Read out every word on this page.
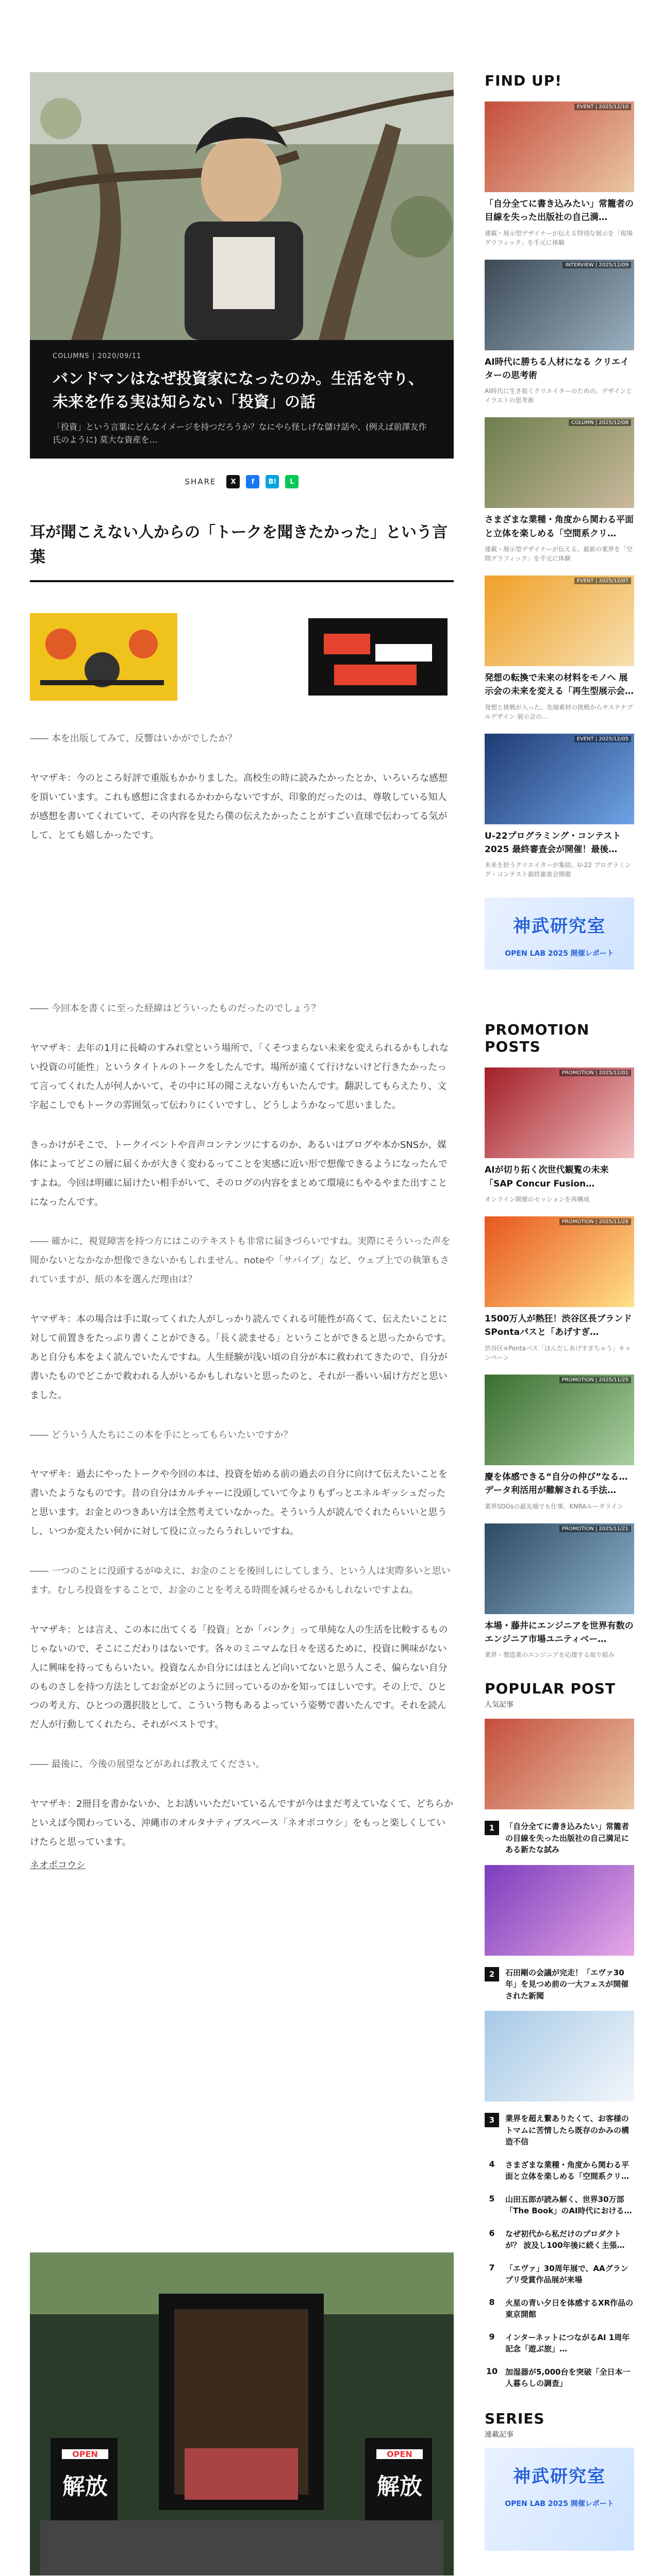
COLUMNS | 2020/09/11
バンドマンはなぜ投資家になったのか。生活を守り、未来を作る実は知らない「投資」の話
「投資」という言葉にどんなイメージを持つだろうか？なにやら怪しげな儲け話や、(例えば前澤友作氏のように) 莫大な資産を…
SHARE	X	f	B!	L
耳が聞こえない人からの「トークを聞きたかった」という言葉

―― 本を出版してみて、反響はいかがでしたか？

ヤマザキ：今のところ好評で重版もかかりました。高校生の時に読みたかったとか、いろいろな感想を頂いています。これも感想に含まれるかわからないですが、印象的だったのは、尊敬している知人が感想を書いてくれていて、その内容を見たら僕の伝えたかったことがすごい直球で伝わってる気がして、とても嬉しかったです。

―― 今回本を書くに至った経緯はどういったものだったのでしょう？

ヤマザキ：去年の1月に長崎のすみれ堂という場所で、「くそつまらない未来を変えられるかもしれない投資の可能性」というタイトルのトークをしたんです。場所が遠くて行けないけど行きたかったって言ってくれた人が何人かいて、その中に耳の聞こえない方もいたんです。翻訳してもらえたり、文字起こしでもトークの雰囲気って伝わりにくいですし、どうしようかなって思いました。

きっかけがそこで、トークイベントや音声コンテンツにするのか、あるいはブログや本かSNSか、媒体によってどこの層に届くかが大きく変わるってことを実感に近い形で想像できるようになったんですよね。今回は明確に届けたい相手がいて、そのログの内容をまとめて環境にもやるやまた出すことになったんです。

―― 確かに、視覚障害を持つ方にはこのテキストも非常に届きづらいですね。実際にそういった声を聞かないとなかなか想像できないかもしれません。noteや「サバイブ」など、ウェブ上での執筆もされていますが、紙の本を選んだ理由は？

ヤマザキ：本の場合は手に取ってくれた人がしっかり読んでくれる可能性が高くて、伝えたいことに対して前置きをたっぷり書くことができる。「長く読ませる」ということができると思ったからです。あと自分も本をよく読んでいたんですね。人生経験が浅い頃の自分が本に救われてきたので、自分が書いたものでどこかで救われる人がいるかもしれないと思ったのと、それが一番いい届け方だと思いました。

―― どういう人たちにこの本を手にとってもらいたいですか？

ヤマザキ：過去にやったトークや今回の本は、投資を始める前の過去の自分に向けて伝えたいことを書いたようなものです。昔の自分はカルチャーに没頭していて今よりもずっとエネルギッシュだったと思います。お金とのつきあい方は全然考えていなかった。そういう人が読んでくれたらいいと思うし、いつか変えたい何かに対して役に立ったらうれしいですね。

―― 一つのことに没頭するがゆえに、お金のことを後回しにしてしまう、という人は実際多いと思います。むしろ投資をすることで、お金のことを考える時間を減らせるかもしれないですよね。

ヤマザキ：とは言え、この本に出てくる「投資」とか「バンク」って単純な人の生活を比較するものじゃないので、そこにこだわりはないです。各々のミニマムな日々を送るために、投資に興味がない人に興味を持ってもらいたい。投資なんか自分にはほとんど向いてないと思う人こそ、偏らない自分のものさしを持つ方法としてお金がどのように回っているのかを知ってほしいです。その上で、ひとつの考え方、ひとつの選択肢として、こういう物もあるよっていう姿勢で書いたんです。それを読んだ人が行動してくれたら、それがベストです。

―― 最後に、今後の展望などがあれば教えてください。

ヤマザキ：2冊目を書かないか、とお誘いいただいているんですが今はまだ考えていなくて、どちらかといえば今関わっている、沖縄市のオルタナティブスペース「ネオポコウシ」をもっと楽しくしていけたらと思っています。

ネオポコウシ
OPEN
解放
OPEN
解放

FIND UP!
EVENT | 2025/12/10
「自分全てに書き込みたい」常籠者の目線を失った出版社の自己満…
連載・展示型デザイナーが伝える特別な展示を「現場グラフィック」を手元に体験
INTERVIEW | 2025/12/09
AI時代に勝ちる人材になる クリエイターの思考術
AI時代に生き抜くクリエイターのための、デザインとイラストの思考術
COLUMN | 2025/12/08
さまざまな業種・角度から関わる平面と立体を楽しめる「空間系クリ…
連載・展示型デザイナーが伝える、最新の業界を「空間グラフィック」を手元に体験
EVENT | 2025/12/07
発想の転換で未来の材料をモノへ 展示会の未来を変える「再生型展示会…
発想と挑戦が入った、先端素材の挑戦からサステナブルデザイン 展示会の…
EVENT | 2025/12/05
U-22プログラミング・コンテスト 2025 最終審査会が開催！最後…
未来を担うクリエイターが集結。U-22 プログラミング・コンテスト最終審査会開催
神武研究室
OPEN LAB 2025 開催レポート
PROMOTION POSTS
PROMOTION | 2025/12/01
AIが切り拓く次世代観覧の未来「SAP Concur Fusion…
オンライン開催のセッションを再構成
PROMOTION | 2025/11/28
1500万人が熱狂！渋谷区長ブランドSPontaパスと「あげすぎ…
渋谷区×Pontaパス「ほんだしあげすぎちゃう」キャンペーン
PROMOTION | 2025/11/25
慶を体感できる“自分の仲び”なる…データ利活用が難解される手法…
業界SDGsの最先端でも仕事。KNRAルータライン
PROMOTION | 2025/11/21
本場・藤井にエンジニアを世界有数のエンジニア市場ユニティベー…
業界・製造業のエンジニアを応援する取り組み
POPULAR POST
人気記事
1	「自分全てに書き込みたい」常籠者の目線を失った出版社の自己満足にある新たな試み
2	石田剛の会議が完走！「エヴァ30年」を見つめ前の一大フェスが開催された新聞
3	業界を超え繋ありたくて、お客様のトマムに苦情したら既存のかみの構造不信
4	さまざまな業種・角度から関わる平面と立体を楽しめる「空間系クリ…
5	山田五郎が読み解く、世界30万部「The Book」のAI時代における…
6	なぜ初代から私だけのプロダクトが？ 波及し100年後に続く主張…
7	「エヴァ」30周年展で、AAグランプリ受賞作品展が来場
8	火星の青い夕日を体感するXR作品の東京開館
9	インターネットにつながるAI 1周年記念「遊ぶ旅」…
10 加湿器が5,000台を突破「全日本一人暮らしの調査」
SERIES
連載記事
神武研究室
OPEN LAB 2025 開催レポート
